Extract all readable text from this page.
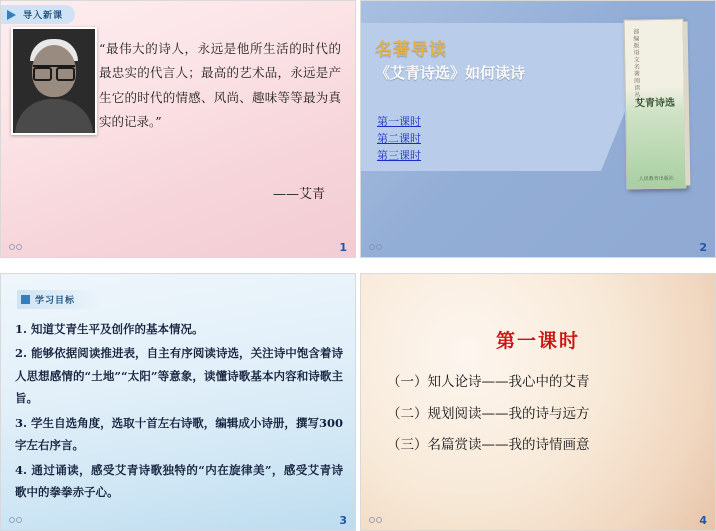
导入新课
“最伟大的诗人，永远是他所生活的时代的最忠实的代言人；最高的艺术品，永远是产生它的时代的情感、风尚、趣味等等最为真实的记录。”
——艾青
1
名著导读
《艾青诗选》如何读诗
第一课时
第二课时
第三课时
部编版语文名著阅读丛书
艾青诗选
人民教育出版社
2
学习目标

1. 知道艾青生平及创作的基本情况。

2. 能够依据阅读推进表，自主有序阅读诗选，关注诗中饱含着诗人思想感情的“土地”“太阳”等意象，读懂诗歌基本内容和诗歌主旨。

3. 学生自选角度，选取十首左右诗歌，编辑成小诗册，撰写300字左右序言。

4. 通过诵读，感受艾青诗歌独特的“内在旋律美”，感受艾青诗歌中的拳拳赤子心。

3
第一课时

（一）知人论诗——我心中的艾青

（二）规划阅读——我的诗与远方

（三）名篇赏读——我的诗情画意

4
